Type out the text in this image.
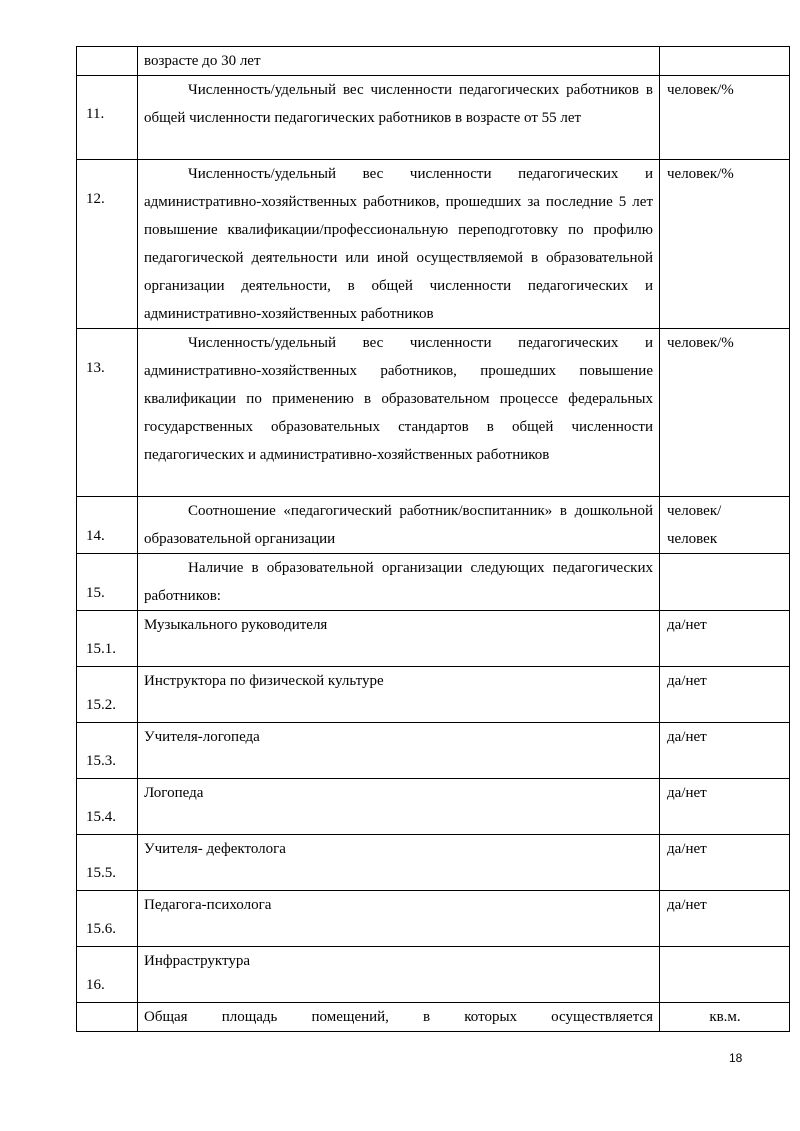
	возрасте до 30 лет	

11.	Численность/удельный вес численности педагогических работников в общей численности педагогических работников в возрасте от 55 лет	человек/%

12.	Численность/удельный вес численности педагогических и административно-хозяйственных работников, прошедших за последние 5 лет повышение квалификации/профессиональную переподготовку по профилю педагогической деятельности или иной осуществляемой в образовательной организации деятельности, в общей численности педагогических и административно-хозяйственных работников	человек/%

13.	Численность/удельный вес численности педагогических и административно-хозяйственных работников, прошедших повышение квалификации по применению в образовательном процессе федеральных государственных образовательных стандартов в общей численности педагогических и административно-хозяйственных работников	человек/%

14.	Соотношение «педагогический работник/воспитанник» в дошкольной образовательной организации	человек/ человек

15.	Наличие в образовательной организации следующих педагогических работников:	

15.1.	Музыкального руководителя	да/нет

15.2.	Инструктора по физической культуре	да/нет

15.3.	Учителя-логопеда	да/нет

15.4.	Логопеда	да/нет

15.5.	Учителя- дефектолога	да/нет

15.6.	Педагога-психолога	да/нет

16.	Инфраструктура	

	Общая площадь помещений, в которых осуществляется	кв.м.
18
